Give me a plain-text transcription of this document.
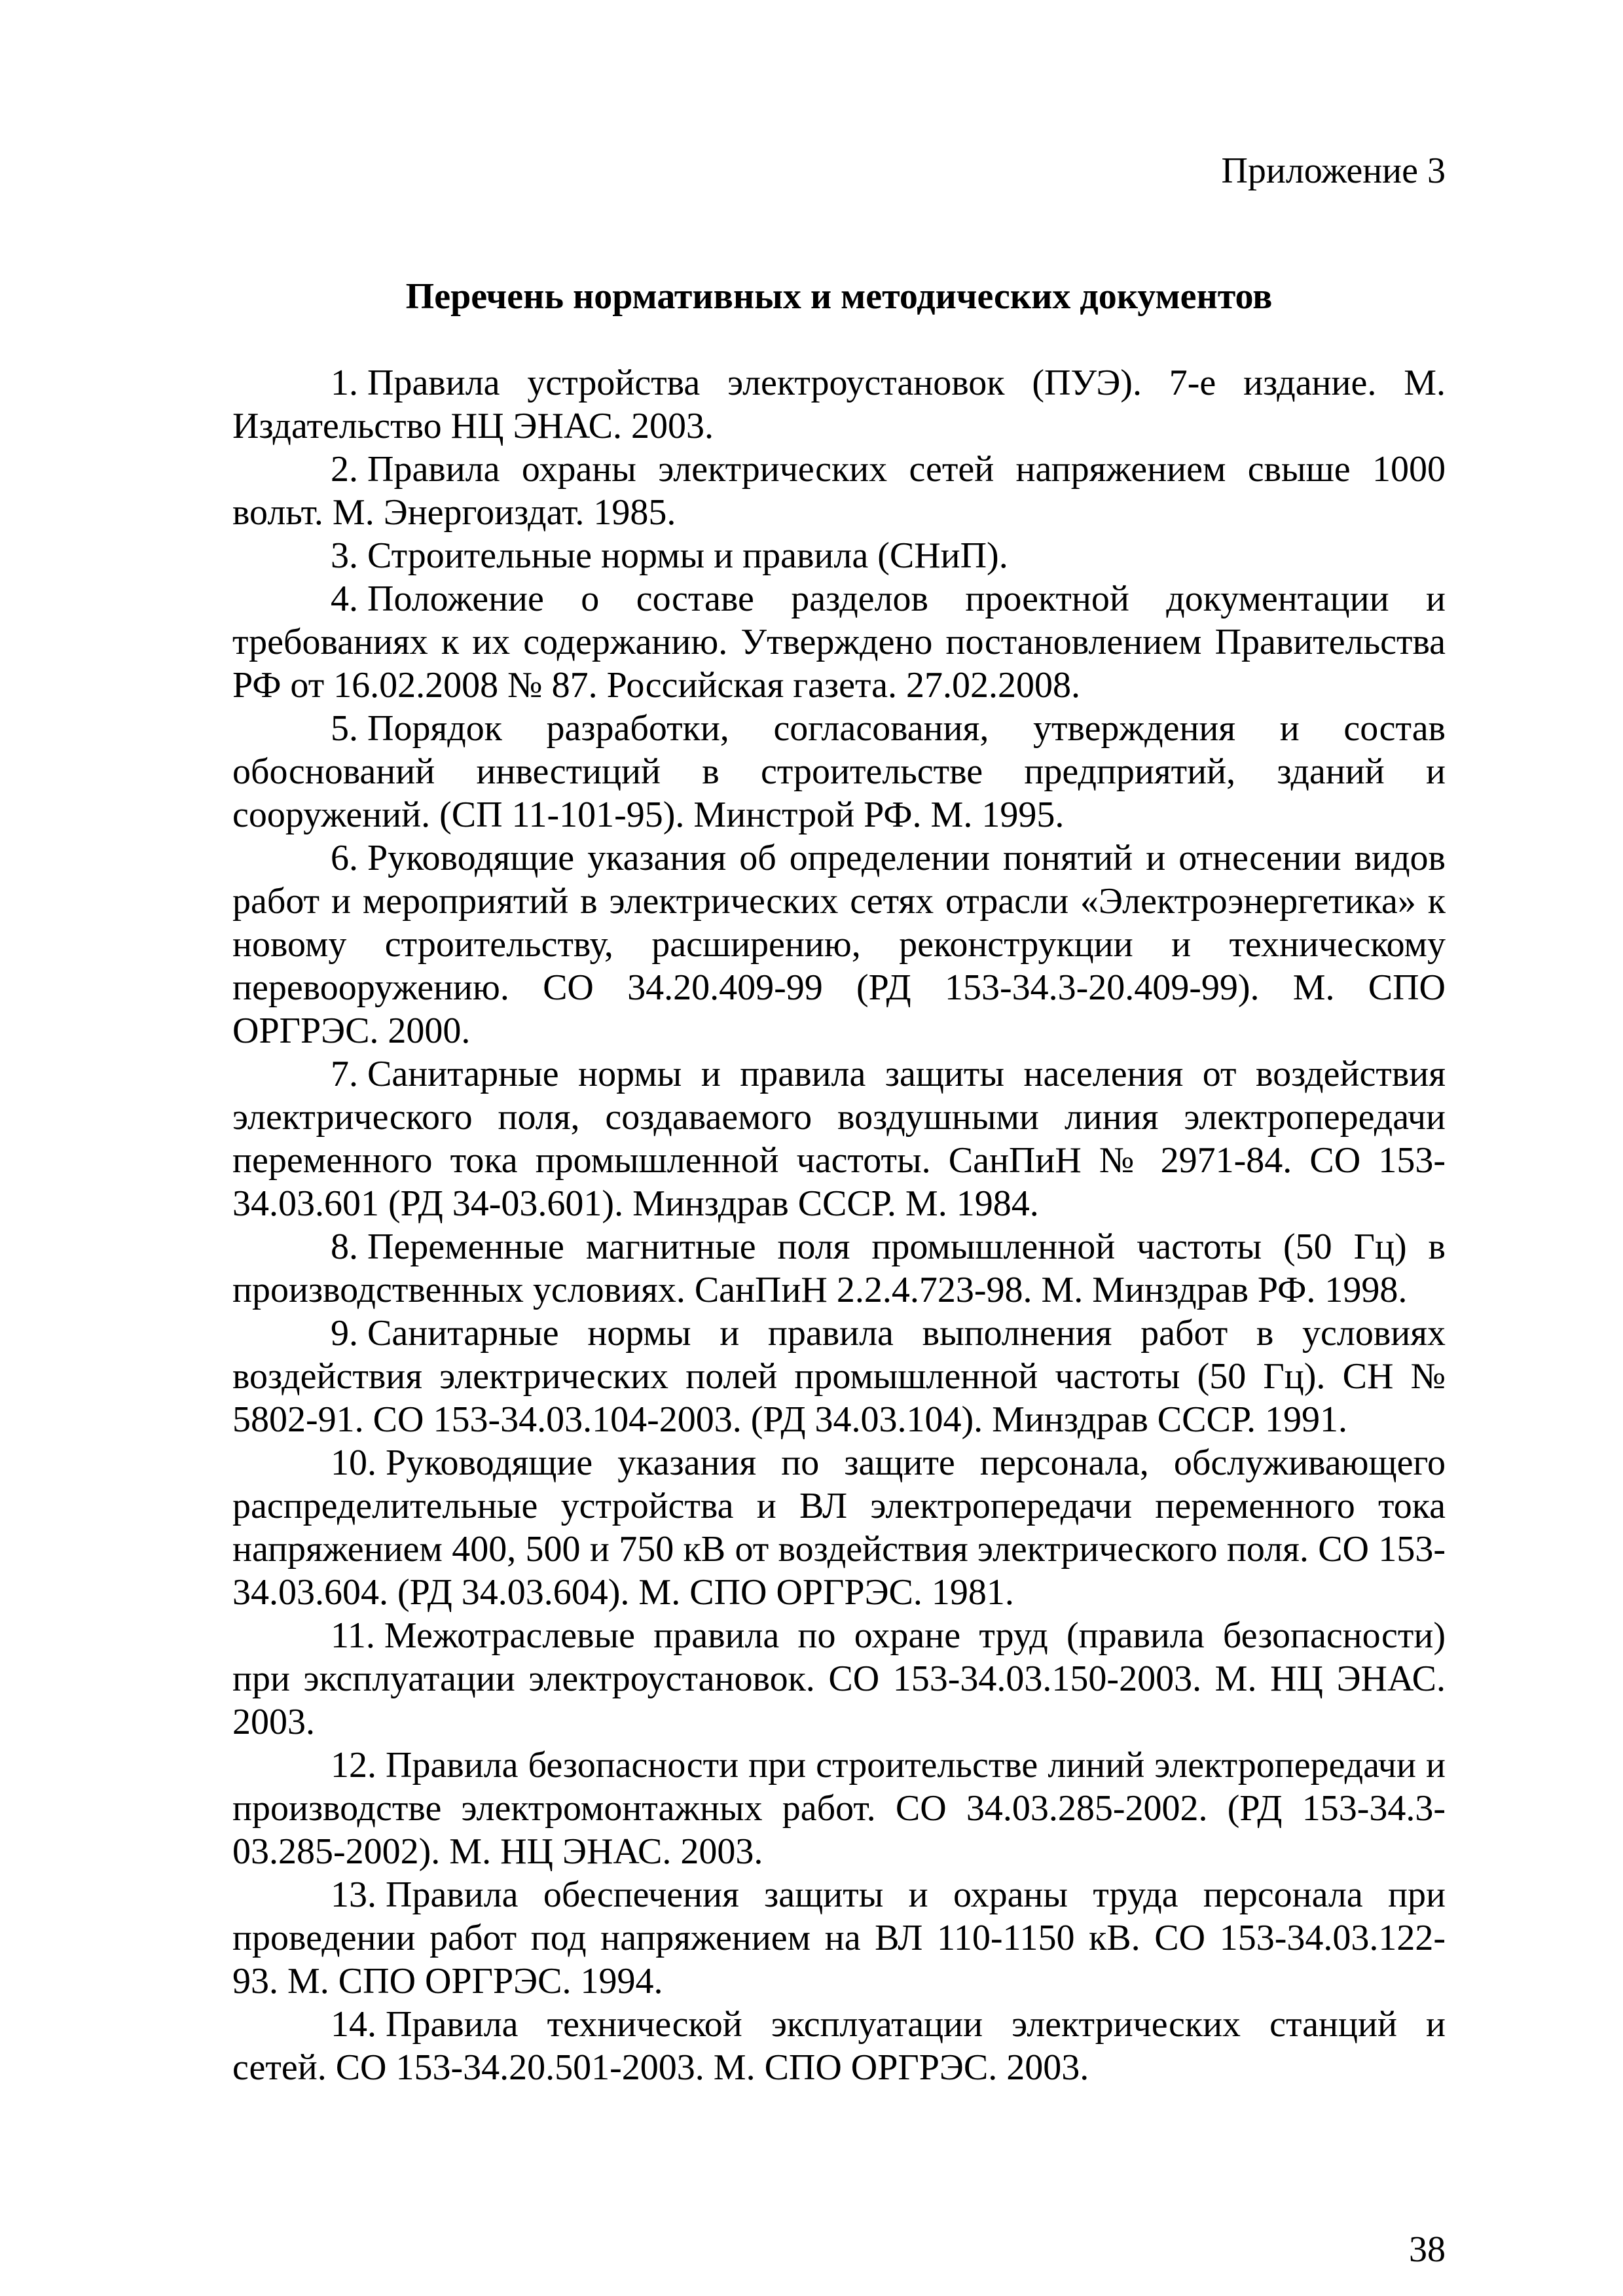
Приложение 3
Перечень нормативных и методических документов
1. Правила устройства электроустановок (ПУЭ). 7-е издание. М. Издательство НЦ ЭНАС. 2003.
2. Правила охраны электрических сетей напряжением свыше 1000 вольт. М. Энергоиздат. 1985.
3. Строительные нормы и правила (СНиП).
4. Положение о составе разделов проектной документации и требованиях к их содержанию. Утверждено постановлением Правительства РФ от 16.02.2008 № 87. Российская газета. 27.02.2008.
5. Порядок разработки, согласования, утверждения и состав обоснований инвестиций в строительстве предприятий, зданий и сооружений. (СП 11-101-95). Минстрой РФ. М. 1995.
6. Руководящие указания об определении понятий и отнесении видов работ и мероприятий в электрических сетях отрасли «Электроэнергетика» к новому строительству, расширению, реконструкции и техническому перевооружению. СО 34.20.409-99 (РД 153-34.3-20.409-99). М. СПО ОРГРЭС. 2000.
7. Санитарные нормы и правила защиты населения от воздействия электрического поля, создаваемого воздушными линия электропередачи переменного тока промышленной частоты. СанПиН № 2971-84. СО 153-34.03.601 (РД 34-03.601). Минздрав СССР. М. 1984.
8. Переменные магнитные поля промышленной частоты (50 Гц) в производственных условиях. СанПиН 2.2.4.723-98. М. Минздрав РФ. 1998.
9. Санитарные нормы и правила выполнения работ в условиях воздействия электрических полей промышленной частоты (50 Гц). СН № 5802-91. СО 153-34.03.104-2003. (РД 34.03.104). Минздрав СССР. 1991.
10. Руководящие указания по защите персонала, обслуживающего распределительные устройства и ВЛ электропередачи переменного тока напряжением 400, 500 и 750 кВ от воздействия электрического поля. СО 153-34.03.604. (РД 34.03.604). М. СПО ОРГРЭС. 1981.
11. Межотраслевые правила по охране труд (правила безопасности) при эксплуатации электроустановок. СО 153-34.03.150-2003. М. НЦ ЭНАС. 2003.
12. Правила безопасности при строительстве линий электропередачи и производстве электромонтажных работ. СО 34.03.285-2002. (РД 153-34.3-03.285-2002). М. НЦ ЭНАС. 2003.
13. Правила обеспечения защиты и охраны труда персонала при проведении работ под напряжением на ВЛ 110-1150 кВ. СО 153-34.03.122-93. М. СПО ОРГРЭС. 1994.
14. Правила технической эксплуатации электрических станций и сетей. СО 153-34.20.501-2003. М. СПО ОРГРЭС. 2003.
38
